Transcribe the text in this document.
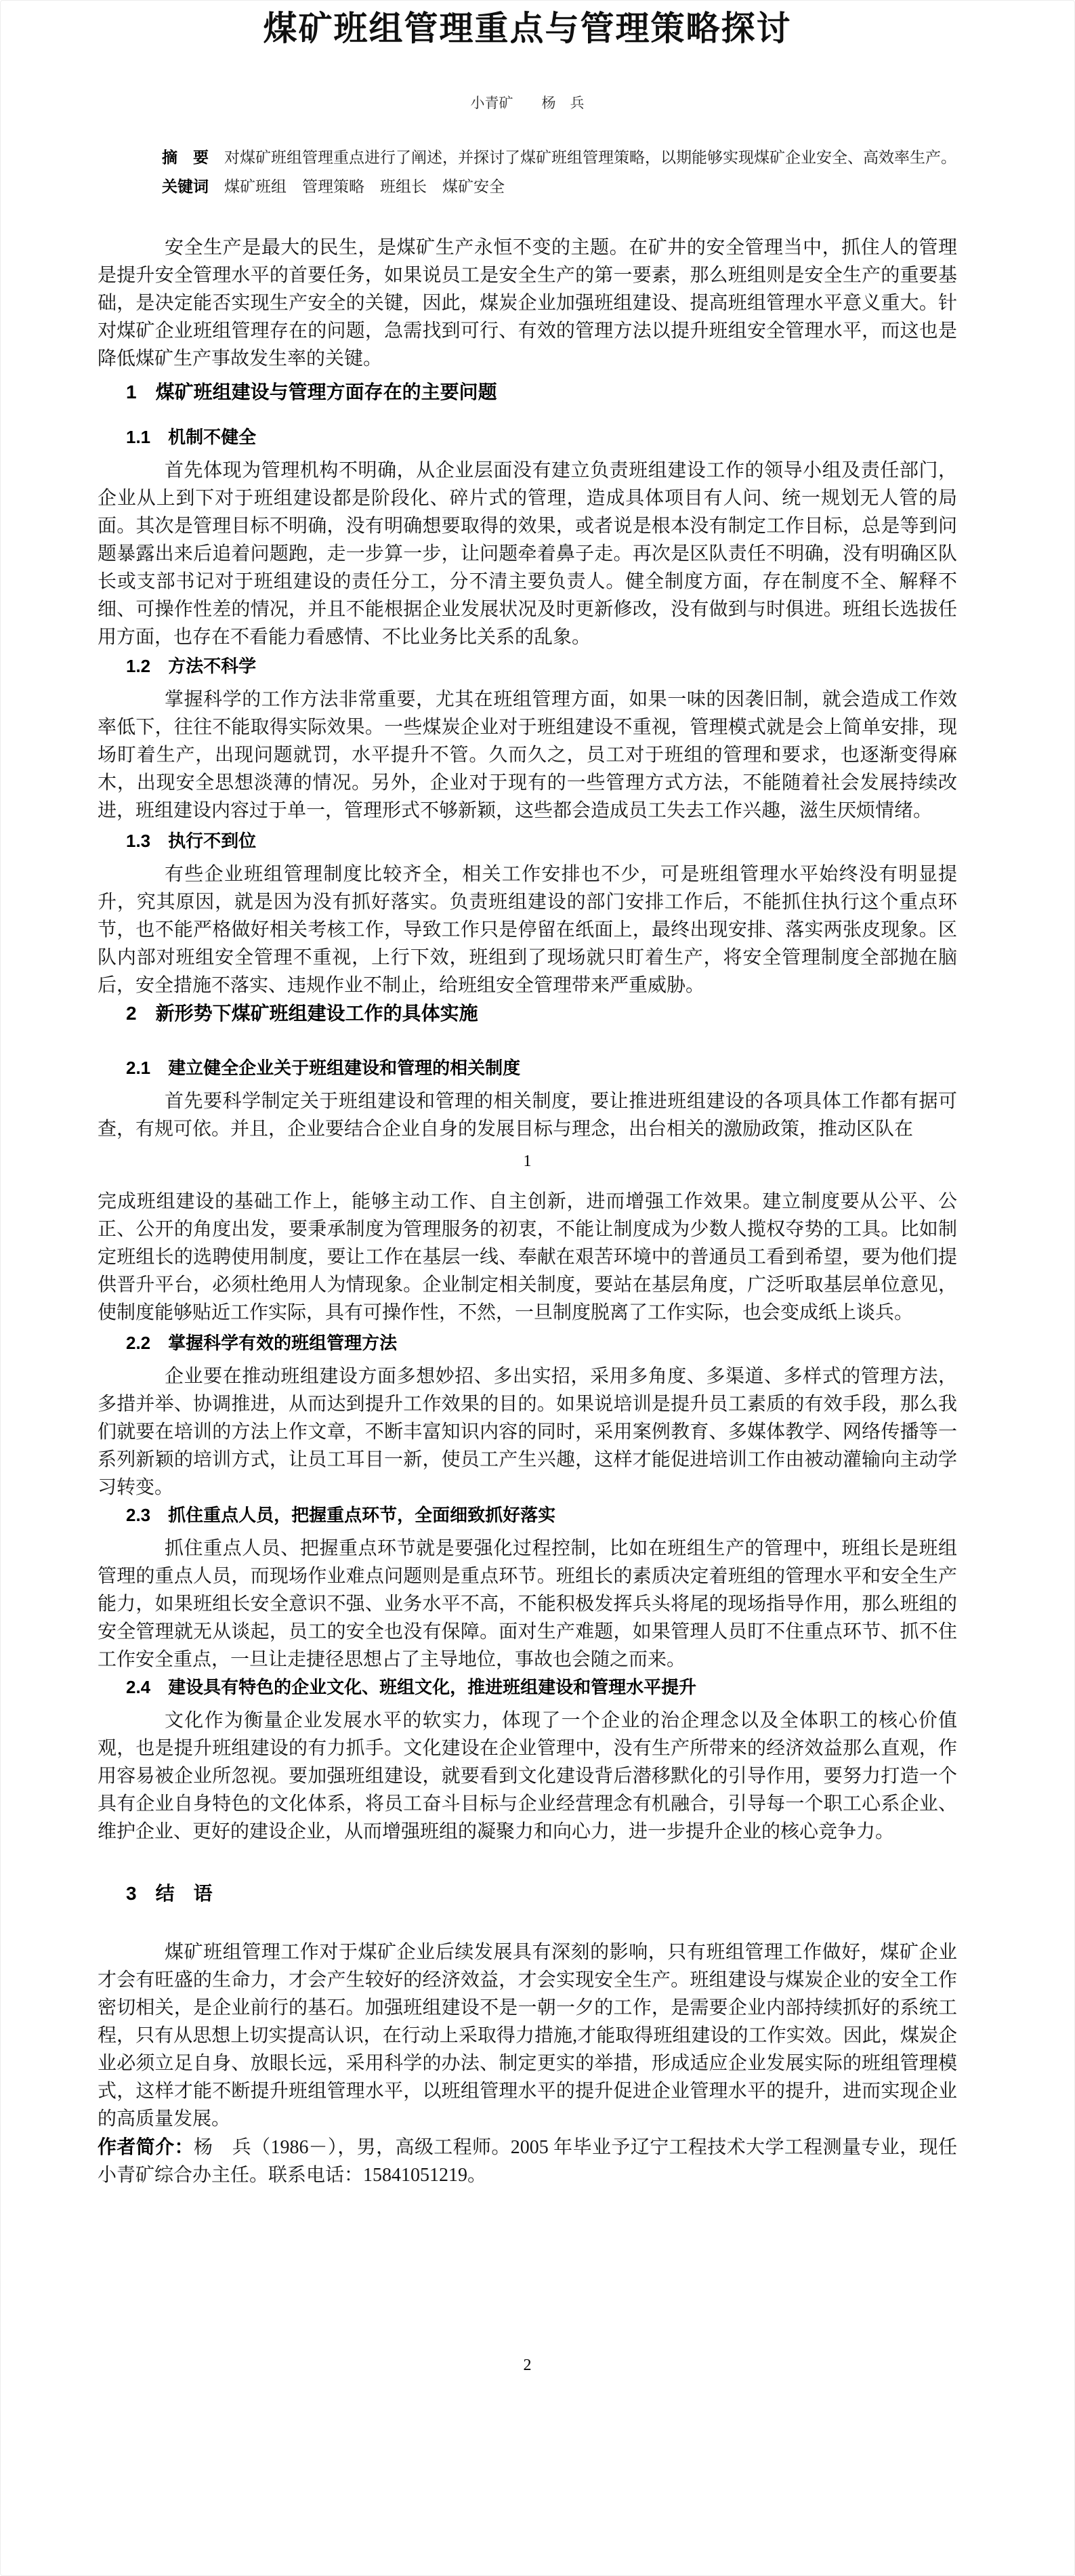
煤矿班组管理重点与管理策略探讨
小青矿　　杨　兵

摘　要　 对煤矿班组管理重点进行了阐述，并探讨了煤矿班组管理策略，以期能够实现煤矿企业安全、高效率生产。

关键词　 煤矿班组　管理策略　班组长　煤矿安全

安全生产是最大的民生，是煤矿生产永恒不变的主题。在矿井的安全管理当中，抓住人的管理是提升安全管理水平的首要任务，如果说员工是安全生产的第一要素，那么班组则是安全生产的重要基础，是决定能否实现生产安全的关键，因此，煤炭企业加强班组建设、提高班组管理水平意义重大。针对煤矿企业班组管理存在的问题，急需找到可行、有效的管理方法以提升班组安全管理水平，而这也是降低煤矿生产事故发生率的关键。

1　煤矿班组建设与管理方面存在的主要问题
1.1　机制不健全

首先体现为管理机构不明确，从企业层面没有建立负责班组建设工作的领导小组及责任部门，企业从上到下对于班组建设都是阶段化、碎片式的管理，造成具体项目有人问、统一规划无人管的局面。其次是管理目标不明确，没有明确想要取得的效果，或者说是根本没有制定工作目标，总是等到问题暴露出来后追着问题跑，走一步算一步，让问题牵着鼻子走。再次是区队责任不明确，没有明确区队长或支部书记对于班组建设的责任分工，分不清主要负责人。健全制度方面，存在制度不全、解释不细、可操作性差的情况，并且不能根据企业发展状况及时更新修改，没有做到与时俱进。班组长选拔任用方面，也存在不看能力看感情、不比业务比关系的乱象。

1.2　方法不科学

掌握科学的工作方法非常重要，尤其在班组管理方面，如果一味的因袭旧制，就会造成工作效率低下，往往不能取得实际效果。一些煤炭企业对于班组建设不重视，管理模式就是会上简单安排，现场盯着生产，出现问题就罚，水平提升不管。久而久之，员工对于班组的管理和要求，也逐渐变得麻木，出现安全思想淡薄的情况。另外，企业对于现有的一些管理方式方法，不能随着社会发展持续改进，班组建设内容过于单一，管理形式不够新颖，这些都会造成员工失去工作兴趣，滋生厌烦情绪。

1.3　执行不到位

有些企业班组管理制度比较齐全，相关工作安排也不少，可是班组管理水平始终没有明显提升，究其原因，就是因为没有抓好落实。负责班组建设的部门安排工作后，不能抓住执行这个重点环节，也不能严格做好相关考核工作，导致工作只是停留在纸面上，最终出现安排、落实两张皮现象。区队内部对班组安全管理不重视，上行下效，班组到了现场就只盯着生产，将安全管理制度全部抛在脑后，安全措施不落实、违规作业不制止，给班组安全管理带来严重威胁。

2　新形势下煤矿班组建设工作的具体实施
2.1　建立健全企业关于班组建设和管理的相关制度

首先要科学制定关于班组建设和管理的相关制度，要让推进班组建设的各项具体工作都有据可查，有规可依。并且，企业要结合企业自身的发展目标与理念，出台相关的激励政策，推动区队在

1

完成班组建设的基础工作上，能够主动工作、自主创新，进而增强工作效果。建立制度要从公平、公正、公开的角度出发，要秉承制度为管理服务的初衷，不能让制度成为少数人揽权夺势的工具。比如制定班组长的选聘使用制度，要让工作在基层一线、奉献在艰苦环境中的普通员工看到希望，要为他们提供晋升平台，必须杜绝用人为情现象。企业制定相关制度，要站在基层角度，广泛听取基层单位意见，使制度能够贴近工作实际，具有可操作性，不然，一旦制度脱离了工作实际，也会变成纸上谈兵。

2.2　掌握科学有效的班组管理方法

企业要在推动班组建设方面多想妙招、多出实招，采用多角度、多渠道、多样式的管理方法，多措并举、协调推进，从而达到提升工作效果的目的。如果说培训是提升员工素质的有效手段，那么我们就要在培训的方法上作文章，不断丰富知识内容的同时，采用案例教育、多媒体教学、网络传播等一系列新颖的培训方式，让员工耳目一新，使员工产生兴趣，这样才能促进培训工作由被动灌输向主动学习转变。

2.3　抓住重点人员，把握重点环节，全面细致抓好落实

抓住重点人员、把握重点环节就是要强化过程控制，比如在班组生产的管理中，班组长是班组管理的重点人员，而现场作业难点问题则是重点环节。班组长的素质决定着班组的管理水平和安全生产能力，如果班组长安全意识不强、业务水平不高，不能积极发挥兵头将尾的现场指导作用，那么班组的安全管理就无从谈起，员工的安全也没有保障。面对生产难题，如果管理人员盯不住重点环节、抓不住工作安全重点，一旦让走捷径思想占了主导地位，事故也会随之而来。

2.4　建设具有特色的企业文化、班组文化，推进班组建设和管理水平提升

文化作为衡量企业发展水平的软实力，体现了一个企业的治企理念以及全体职工的核心价值观，也是提升班组建设的有力抓手。文化建设在企业管理中，没有生产所带来的经济效益那么直观，作用容易被企业所忽视。要加强班组建设，就要看到文化建设背后潜移默化的引导作用，要努力打造一个具有企业自身特色的文化体系，将员工奋斗目标与企业经营理念有机融合，引导每一个职工心系企业、维护企业、更好的建设企业，从而增强班组的凝聚力和向心力，进一步提升企业的核心竞争力。

3　结　语

煤矿班组管理工作对于煤矿企业后续发展具有深刻的影响，只有班组管理工作做好，煤矿企业才会有旺盛的生命力，才会产生较好的经济效益，才会实现安全生产。班组建设与煤炭企业的安全工作密切相关，是企业前行的基石。加强班组建设不是一朝一夕的工作，是需要企业内部持续抓好的系统工程，只有从思想上切实提高认识，在行动上采取得力措施,才能取得班组建设的工作实效。因此，煤炭企业必须立足自身、放眼长远，采用科学的办法、制定更实的举措，形成适应企业发展实际的班组管理模式，这样才能不断提升班组管理水平，以班组管理水平的提升促进企业管理水平的提升，进而实现企业的高质量发展。

作者简介：杨　兵（1986－），男，高级工程师。2005 年毕业予辽宁工程技术大学工程测量专业，现任小青矿综合办主任。联系电话：15841051219。

2
